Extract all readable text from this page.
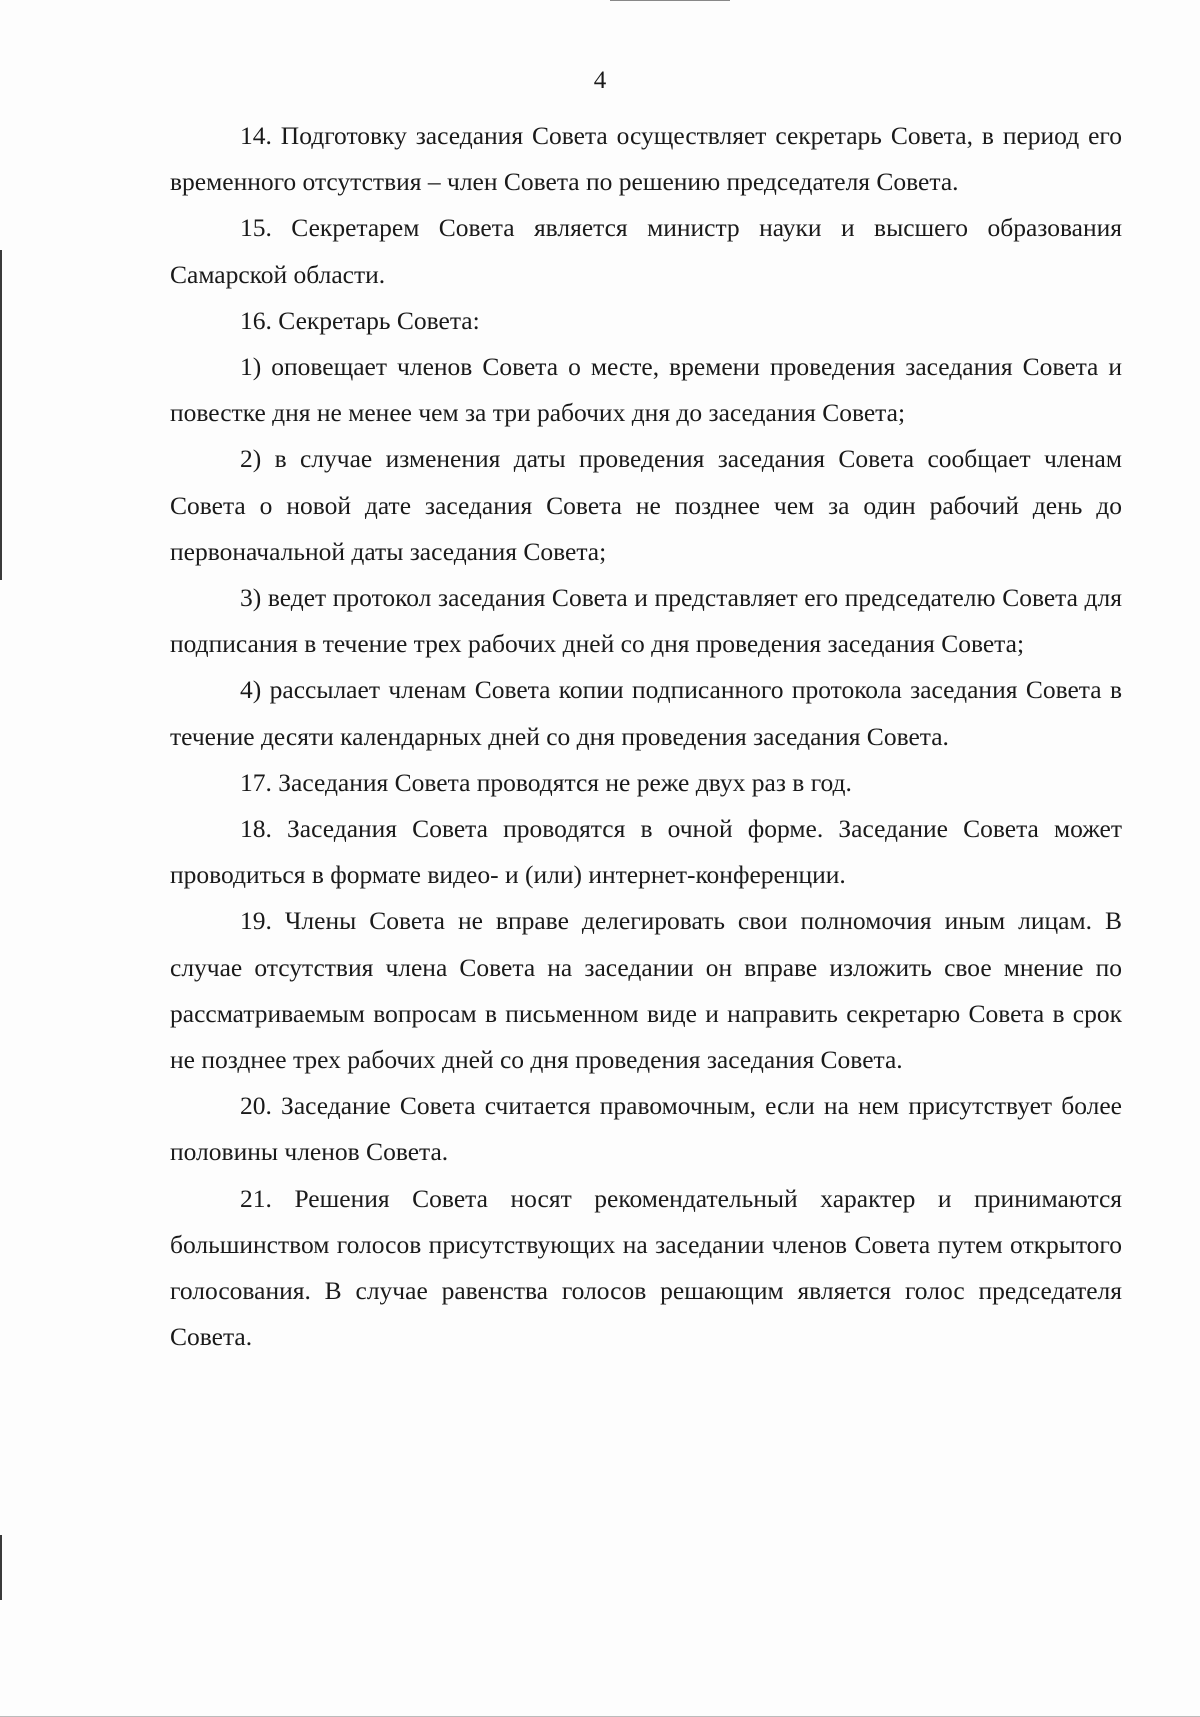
4

14. Подготовку заседания Совета осуществляет секретарь Совета, в период его временного отсутствия – член Совета по решению председателя Совета.

15. Секретарем Совета является министр науки и высшего образования Самарской области.

16. Секретарь Совета:

1) оповещает членов Совета о месте, времени проведения заседания Совета и повестке дня не менее чем за три рабочих дня до заседания Совета;

2) в случае изменения даты проведения заседания Совета сообщает членам Совета о новой дате заседания Совета не позднее чем за один рабочий день до первоначальной даты заседания Совета;

3) ведет протокол заседания Совета и представляет его председателю Совета для подписания в течение трех рабочих дней со дня проведения заседания Совета;

4) рассылает членам Совета копии подписанного протокола заседания Совета в течение десяти календарных дней со дня проведения заседания Совета.

17. Заседания Совета проводятся не реже двух раз в год.

18. Заседания Совета проводятся в очной форме. Заседание Совета может проводиться в формате видео- и (или) интернет-конференции.

19. Члены Совета не вправе делегировать свои полномочия иным лицам. В случае отсутствия члена Совета на заседании он вправе изложить свое мнение по рассматриваемым вопросам в письменном виде и направить секретарю Совета в срок не позднее трех рабочих дней со дня проведения заседания Совета.

20. Заседание Совета считается правомочным, если на нем присутствует более половины членов Совета.

21. Решения Совета носят рекомендательный характер и принимаются большинством голосов присутствующих на заседании членов Совета путем открытого голосования. В случае равенства голосов решающим является голос председателя Совета.
